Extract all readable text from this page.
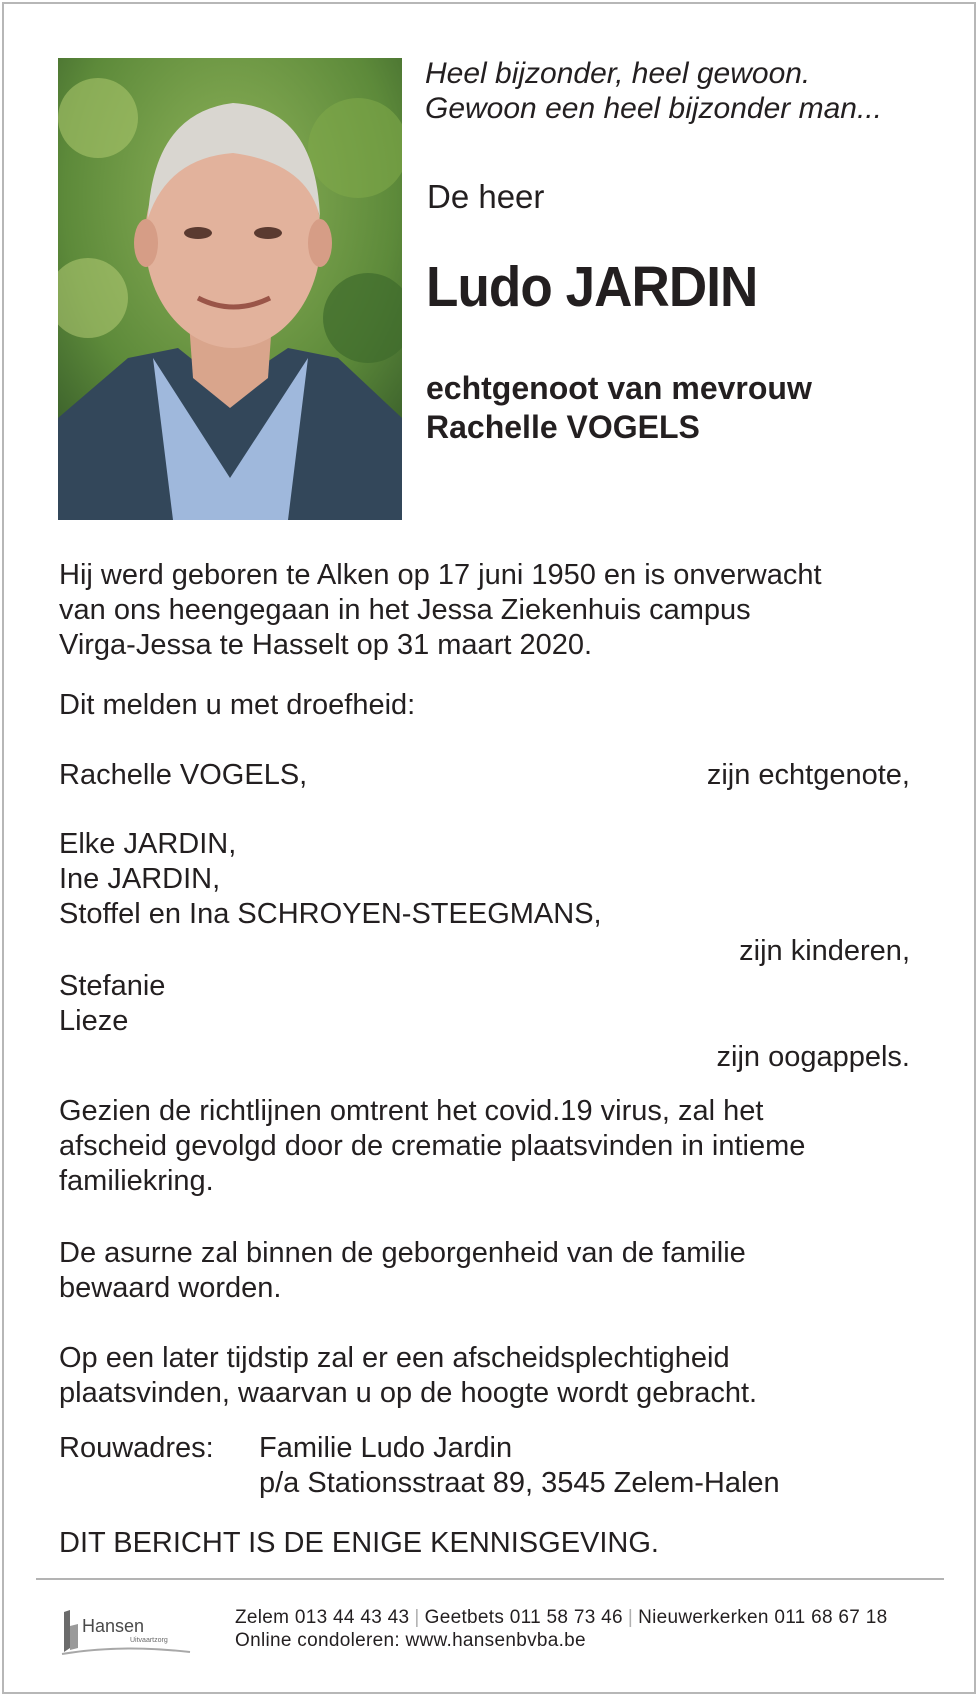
Heel bijzonder, heel gewoon.
Gewoon een heel bijzonder man...
De heer
Ludo JARDIN
echtgenoot van mevrouw
Rachelle VOGELS
Hij werd geboren te Alken op 17 juni 1950 en is onverwacht
van ons heengegaan in het Jessa Ziekenhuis campus
Virga-Jessa te Hasselt op 31 maart 2020.
Dit melden u met droefheid:
Rachelle VOGELS,	zijn echtgenote,
Elke JARDIN,
Ine JARDIN,
Stoffel en Ina SCHROYEN-STEEGMANS,
zijn kinderen,
Stefanie
Lieze
zijn oogappels.
Gezien de richtlijnen omtrent het covid.19 virus, zal het
afscheid gevolgd door de crematie plaatsvinden in intieme
familiekring.
De asurne zal binnen de geborgenheid van de familie
bewaard worden.
Op een later tijdstip zal er een afscheidsplechtigheid
plaatsvinden, waarvan u op de hoogte wordt gebracht.
Rouwadres: Familie Ludo Jardin
p/a Stationsstraat 89, 3545 Zelem-Halen
DIT BERICHT IS DE ENIGE KENNISGEVING.
Hansen
Uitvaartzorg
Zelem 013 44 43 43 | Geetbets 011 58 73 46 | Nieuwerkerken 011 68 67 18
Online condoleren: www.hansenbvba.be
